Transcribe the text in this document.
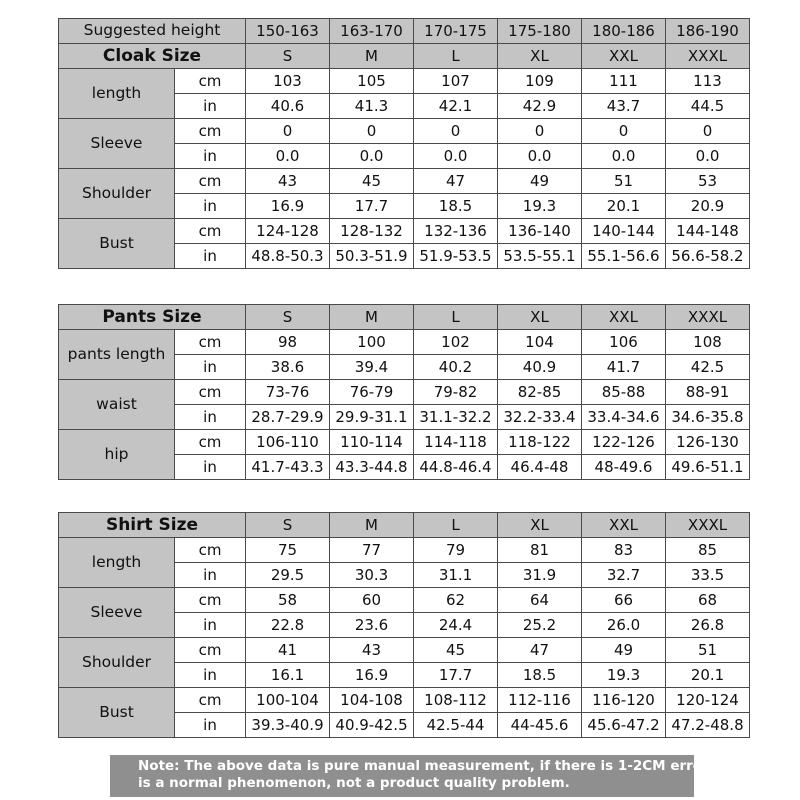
Suggested height		150-163	163-170	170-175	175-180	180-186	186-190
Cloak Size		S	M	L	XL	XXL	XXXL
length	cm	103	105	107	109	111	113
	in	40.6	41.3	42.1	42.9	43.7	44.5
Sleeve	cm	0	0	0	0	0	0
	in	0.0	0.0	0.0	0.0	0.0	0.0
Shoulder	cm	43	45	47	49	51	53
	in	16.9	17.7	18.5	19.3	20.1	20.9
Bust	cm	124-128	128-132	132-136	136-140	140-144	144-148
	in	48.8-50.3	50.3-51.9	51.9-53.5	53.5-55.1	55.1-56.6	56.6-58.2
Pants Size		S	M	L	XL	XXL	XXXL
pants length	cm	98	100	102	104	106	108
	in	38.6	39.4	40.2	40.9	41.7	42.5
waist	cm	73-76	76-79	79-82	82-85	85-88	88-91
	in	28.7-29.9	29.9-31.1	31.1-32.2	32.2-33.4	33.4-34.6	34.6-35.8
hip	cm	106-110	110-114	114-118	118-122	122-126	126-130
	in	41.7-43.3	43.3-44.8	44.8-46.4	46.4-48	48-49.6	49.6-51.1
Shirt Size		S	M	L	XL	XXL	XXXL
length	cm	75	77	79	81	83	85
	in	29.5	30.3	31.1	31.9	32.7	33.5
Sleeve	cm	58	60	62	64	66	68
	in	22.8	23.6	24.4	25.2	26.0	26.8
Shoulder	cm	41	43	45	47	49	51
	in	16.1	16.9	17.7	18.5	19.3	20.1
Bust	cm	100-104	104-108	108-112	112-116	116-120	120-124
	in	39.3-40.9	40.9-42.5	42.5-44	44-45.6	45.6-47.2	47.2-48.8
Note: The above data is pure manual measurement, if there is 1-2CM error,
is a normal phenomenon, not a product quality problem.
